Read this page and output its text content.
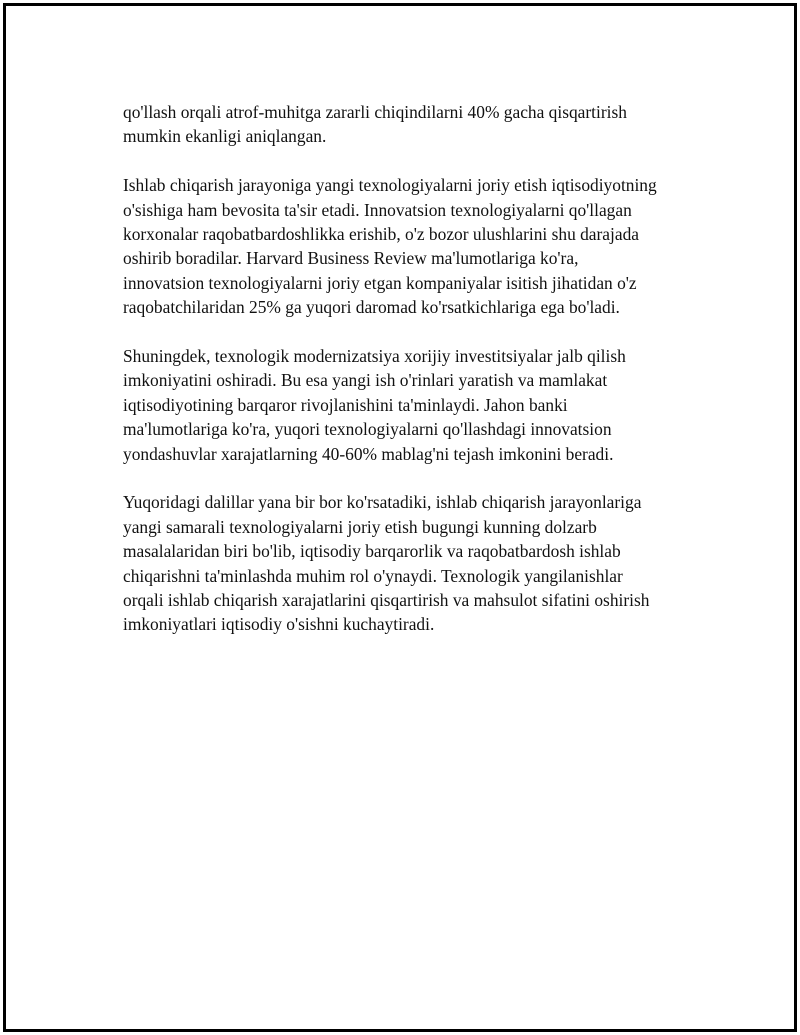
qo'llash orqali atrof-muhitga zararli chiqindilarni 40% gacha qisqartirish
mumkin ekanligi aniqlangan.

Ishlab chiqarish jarayoniga yangi texnologiyalarni joriy etish iqtisodiyotning
o'sishiga ham bevosita ta'sir etadi. Innovatsion texnologiyalarni qo'llagan
korxonalar raqobatbardoshlikka erishib, o'z bozor ulushlarini shu darajada
oshirib boradilar. Harvard Business Review ma'lumotlariga ko'ra,
innovatsion texnologiyalarni joriy etgan kompaniyalar isitish jihatidan o'z
raqobatchilaridan 25% ga yuqori daromad ko'rsatkichlariga ega bo'ladi.

Shuningdek, texnologik modernizatsiya xorijiy investitsiyalar jalb qilish
imkoniyatini oshiradi. Bu esa yangi ish o'rinlari yaratish va mamlakat
iqtisodiyotining barqaror rivojlanishini ta'minlaydi. Jahon banki
ma'lumotlariga ko'ra, yuqori texnologiyalarni qo'llashdagi innovatsion
yondashuvlar xarajatlarning 40-60% mablag'ni tejash imkonini beradi.

Yuqoridagi dalillar yana bir bor ko'rsatadiki, ishlab chiqarish jarayonlariga
yangi samarali texnologiyalarni joriy etish bugungi kunning dolzarb
masalalaridan biri bo'lib, iqtisodiy barqarorlik va raqobatbardosh ishlab
chiqarishni ta'minlashda muhim rol o'ynaydi. Texnologik yangilanishlar
orqali ishlab chiqarish xarajatlarini qisqartirish va mahsulot sifatini oshirish
imkoniyatlari iqtisodiy o'sishni kuchaytiradi.
